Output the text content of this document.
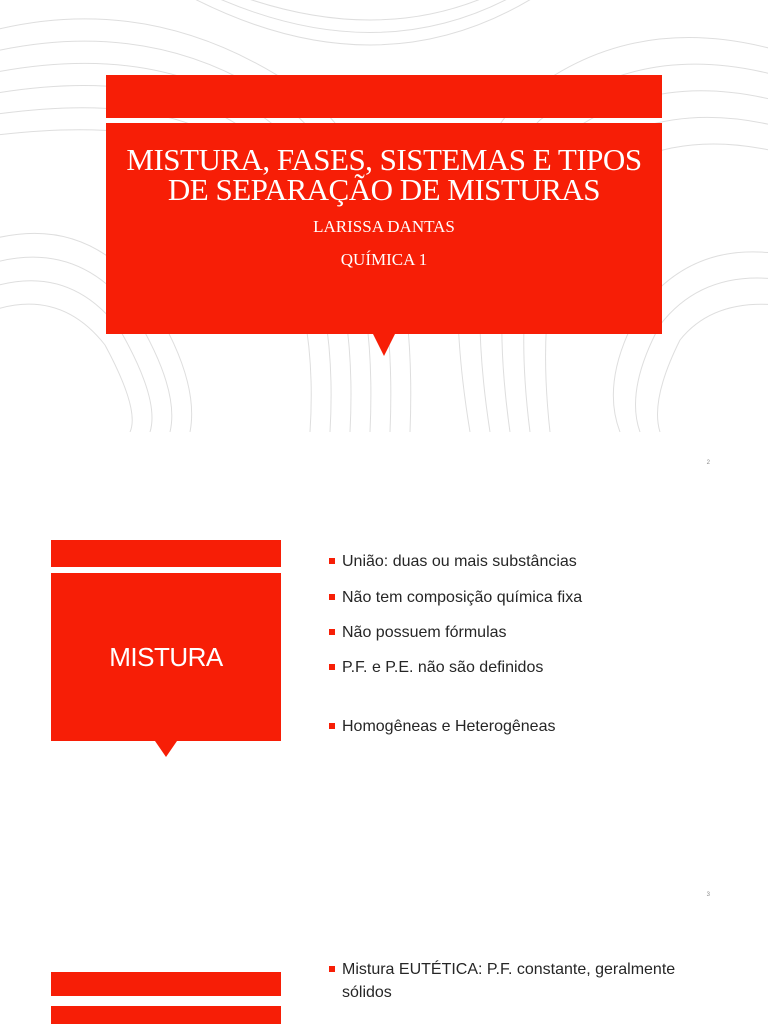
MISTURA, FASES, SISTEMAS E TIPOS DE SEPARAÇÃO DE MISTURAS
LARISSA DANTAS
QUÍMICA 1
2
MISTURA
União: duas ou mais substâncias
Não tem composição química fixa
Não possuem fórmulas
P.F. e P.E. não são definidos
Homogêneas e Heterogêneas
3
Mistura EUTÉTICA: P.F. constante, geralmente sólidos
